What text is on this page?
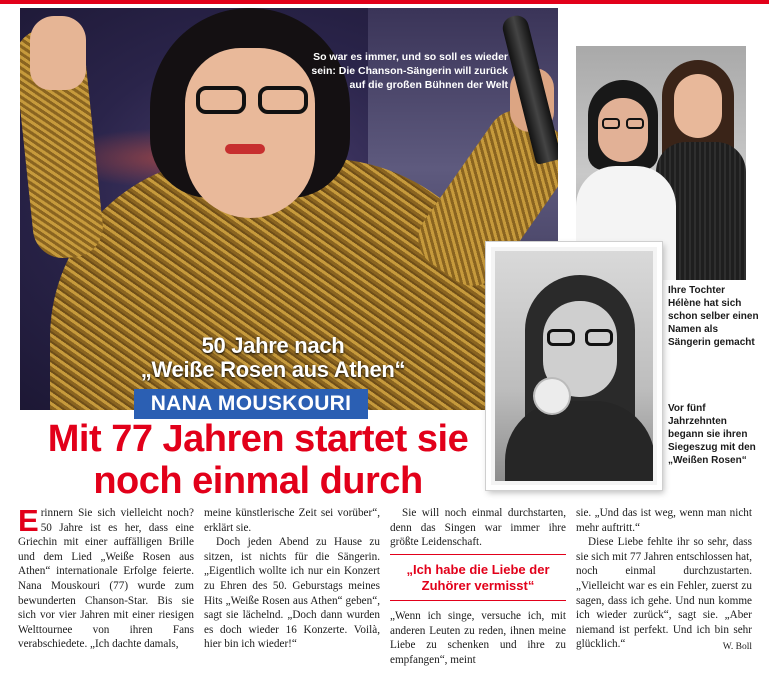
So war es immer, und so soll es wieder sein: Die Chanson-Sängerin will zurück auf die großen Bühnen der Welt
50 Jahre nach
„Weiße Rosen aus Athen“
NANA MOUSKOURI
Ihre Tochter Hélène hat sich schon selber einen Namen als Sängerin gemacht
Vor fünf Jahrzehnten begann sie ihren Siegeszug mit den „Weißen Rosen“
Mit 77 Jahren startet sie
noch einmal durch

Erinnern Sie sich vielleicht noch? 50 Jahre ist es her, dass eine Griechin mit einer auffälligen Brille und dem Lied „Weiße Rosen aus Athen“ internationale Erfolge feierte. Nana Mouskouri (77) wurde zum bewunderten Chanson-Star. Bis sie sich vor vier Jahren mit einer riesigen Welttournee von ihren Fans verabschiedete. „Ich dachte damals,

meine künstlerische Zeit sei vorüber“, erklärt sie.

Doch jeden Abend zu Hause zu sitzen, ist nichts für die Sängerin. „Eigentlich wollte ich nur ein Konzert zu Ehren des 50. Geburstags meines Hits „Weiße Rosen aus Athen“ geben“, sagt sie lächelnd. „Doch dann wurden es doch wieder 16 Konzerte. Voilà, hier bin ich wieder!“

Sie will noch einmal durchstarten, denn das Singen war immer ihre größte Leidenschaft.

„Ich habe die Liebe der Zuhörer vermisst“

„Wenn ich singe, versuche ich, mit anderen Leuten zu reden, ihnen meine Liebe zu schenken und ihre zu empfangen“, meint

sie. „Und das ist weg, wenn man nicht mehr auftritt.“

Diese Liebe fehlte ihr so sehr, dass sie sich mit 77 Jahren entschlossen hat, noch einmal durchzustarten. „Vielleicht war es ein Fehler, zuerst zu sagen, dass ich gehe. Und nun komme ich wieder zurück“, sagt sie. „Aber niemand ist perfekt. Und ich bin sehr glücklich.“	W. Boll
